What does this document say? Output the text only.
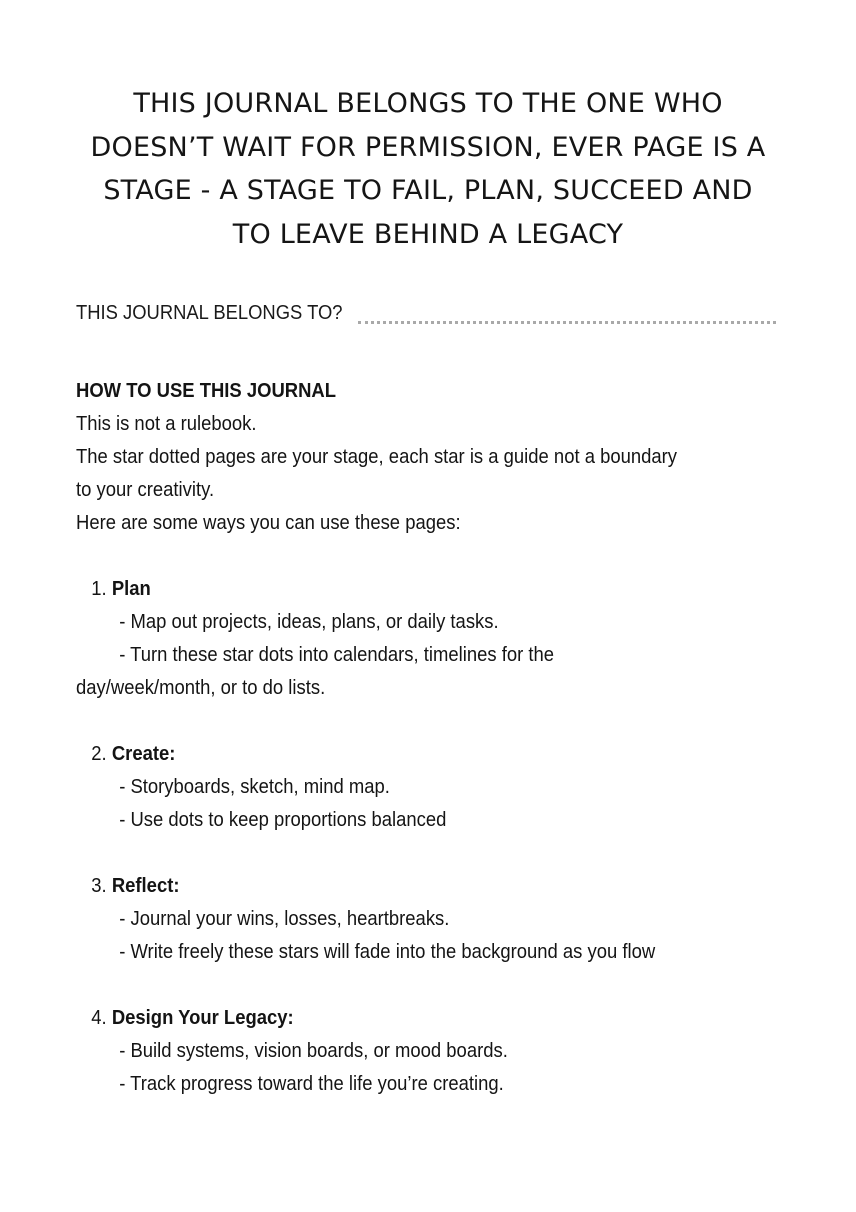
THIS JOURNAL BELONGS TO THE ONE WHO
DOESN’T WAIT FOR PERMISSION, EVER PAGE IS A
STAGE - A STAGE TO FAIL, PLAN, SUCCEED AND
TO LEAVE BEHIND A LEGACY
THIS JOURNAL BELONGS TO?
HOW TO USE THIS JOURNAL
This is not a rulebook.
The star dotted pages are your stage, each star is a guide not a boundary
to your creativity.
Here are some ways you can use these pages:
1. Plan
- Map out projects, ideas, plans, or daily tasks.
- Turn these star dots into calendars, timelines for the
day/week/month, or to do lists.
2. Create:
- Storyboards, sketch, mind map.
- Use dots to keep proportions balanced
3. Reflect:
- Journal your wins, losses, heartbreaks.
- Write freely these stars will fade into the background as you flow
4. Design Your Legacy:
- Build systems, vision boards, or mood boards.
- Track progress toward the life you’re creating.
